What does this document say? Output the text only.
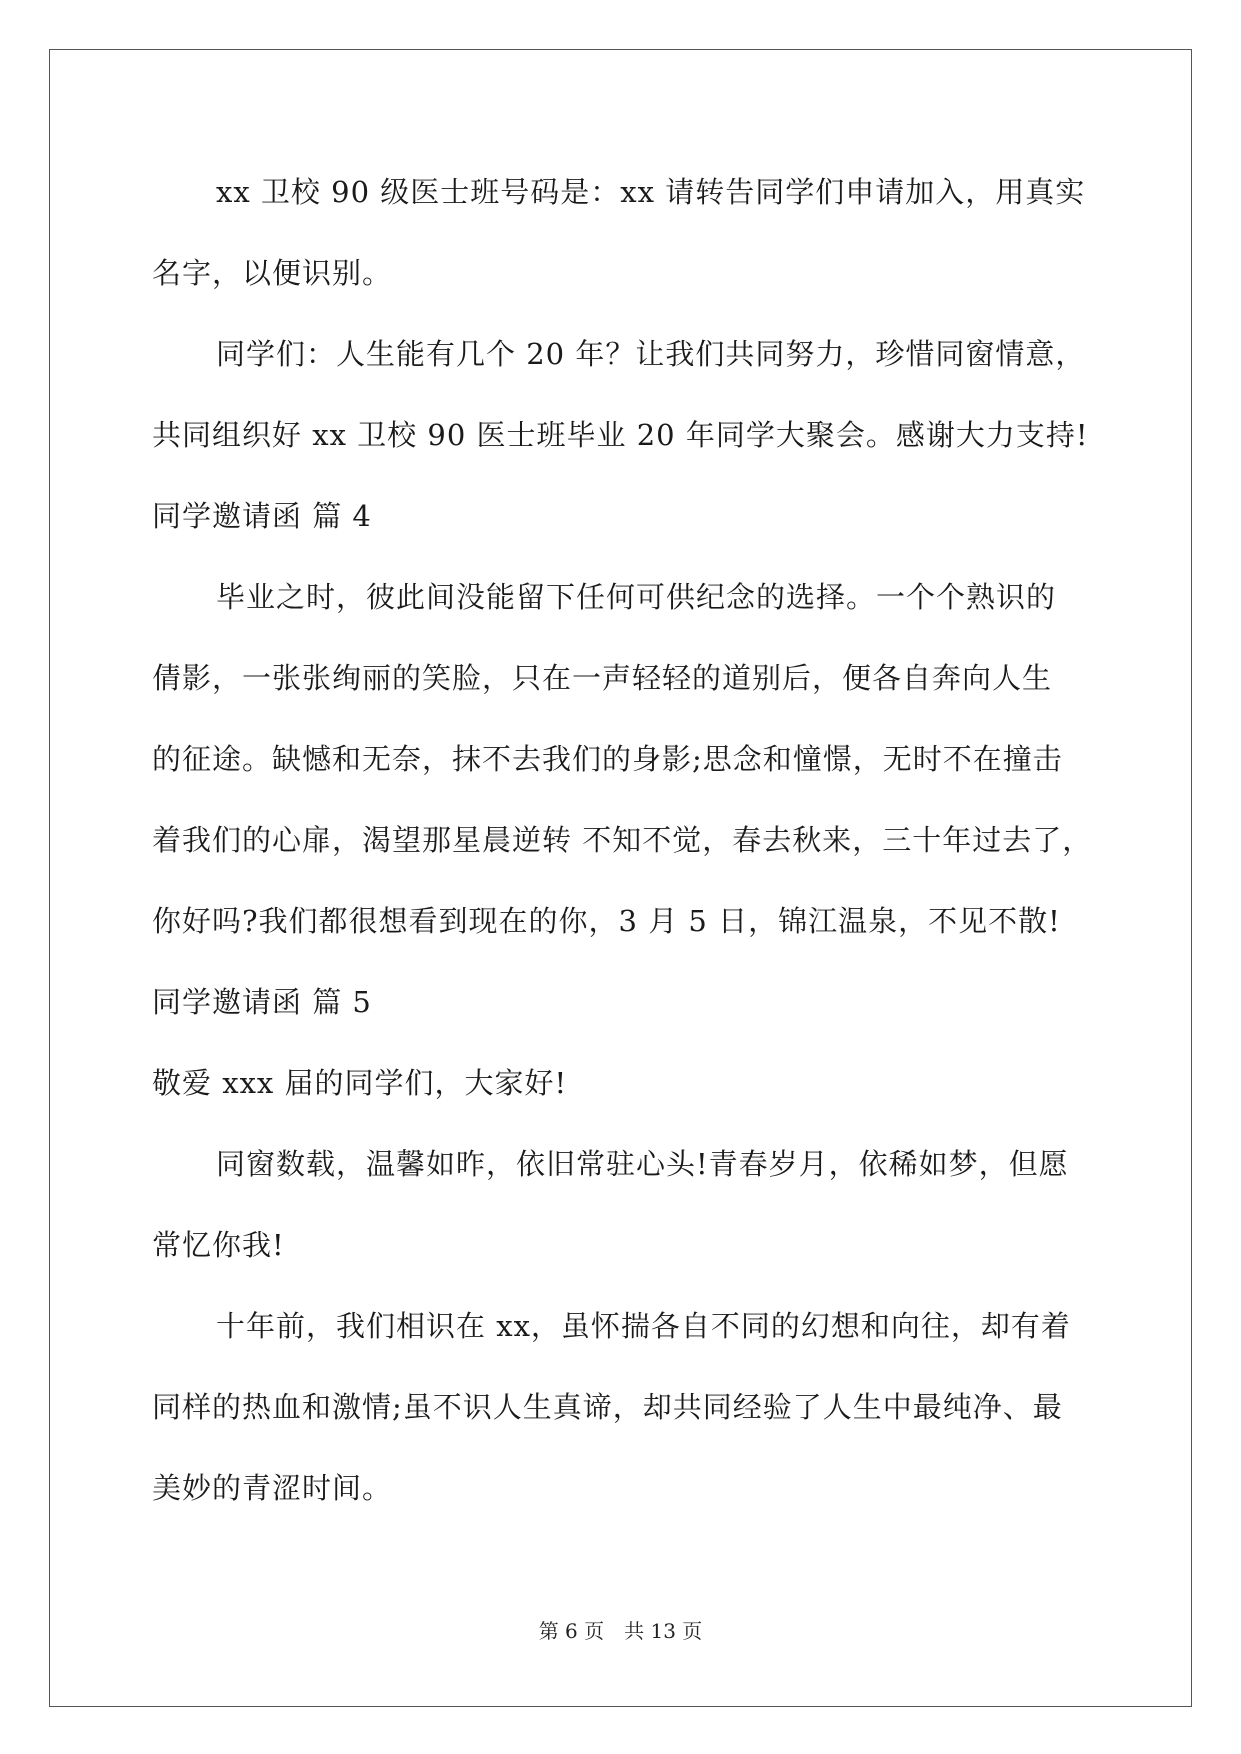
xx 卫校 90 级医士班号码是：xx 请转告同学们申请加入，用真实
名字，以便识别。
同学们：人生能有几个 20 年？让我们共同努力，珍惜同窗情意，
共同组织好 xx 卫校 90 医士班毕业 20 年同学大聚会。感谢大力支持!
同学邀请函 篇 4
毕业之时，彼此间没能留下任何可供纪念的选择。一个个熟识的
倩影，一张张绚丽的笑脸，只在一声轻轻的道别后，便各自奔向人生
的征途。缺憾和无奈，抹不去我们的身影;思念和憧憬，无时不在撞击
着我们的心扉，渴望那星晨逆转 不知不觉，春去秋来，三十年过去了，
你好吗?我们都很想看到现在的你，3 月 5 日，锦江温泉，不见不散!
同学邀请函 篇 5
敬爱 xxx 届的同学们，大家好!
同窗数载，温馨如昨，依旧常驻心头!青春岁月，依稀如梦，但愿
常忆你我!
十年前，我们相识在 xx，虽怀揣各自不同的幻想和向往，却有着
同样的热血和激情;虽不识人生真谛，却共同经验了人生中最纯净、最
美妙的青涩时间。
第 6 页　共 13 页
